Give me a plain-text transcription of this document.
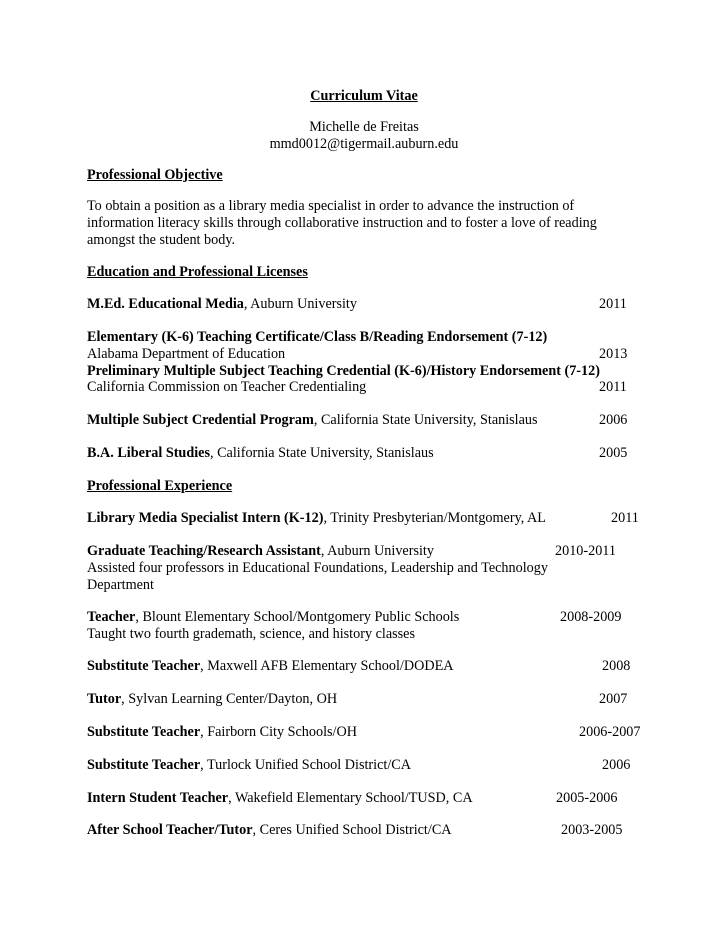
Curriculum Vitae
Michelle de Freitas
mmd0012@tigermail.auburn.edu
Professional Objective
To obtain a position as a library media specialist in order to advance the instruction of
information literacy skills through collaborative instruction and to foster a love of reading
amongst the student body.
Education and Professional Licenses
M.Ed. Educational Media, Auburn University	2011
Elementary (K-6) Teaching Certificate/Class B/Reading Endorsement (7-12)
Alabama Department of Education	2013
Preliminary Multiple Subject Teaching Credential (K-6)/History Endorsement (7-12)
California Commission on Teacher Credentialing	2011
Multiple Subject Credential Program, California State University, Stanislaus	2006
B.A. Liberal Studies, California State University, Stanislaus	2005
Professional Experience
Library Media Specialist Intern (K-12), Trinity Presbyterian/Montgomery, AL	2011
Graduate Teaching/Research Assistant, Auburn University	2010-2011
Assisted four professors in Educational Foundations, Leadership and Technology
Department
Teacher, Blount Elementary School/Montgomery Public Schools	2008-2009
Taught two fourth grademath, science, and history classes
Substitute Teacher, Maxwell AFB Elementary School/DODEA	2008
Tutor, Sylvan Learning Center/Dayton, OH	2007
Substitute Teacher, Fairborn City Schools/OH	2006-2007
Substitute Teacher, Turlock Unified School District/CA	2006
Intern Student Teacher, Wakefield Elementary School/TUSD, CA	2005-2006
After School Teacher/Tutor, Ceres Unified School District/CA	2003-2005
